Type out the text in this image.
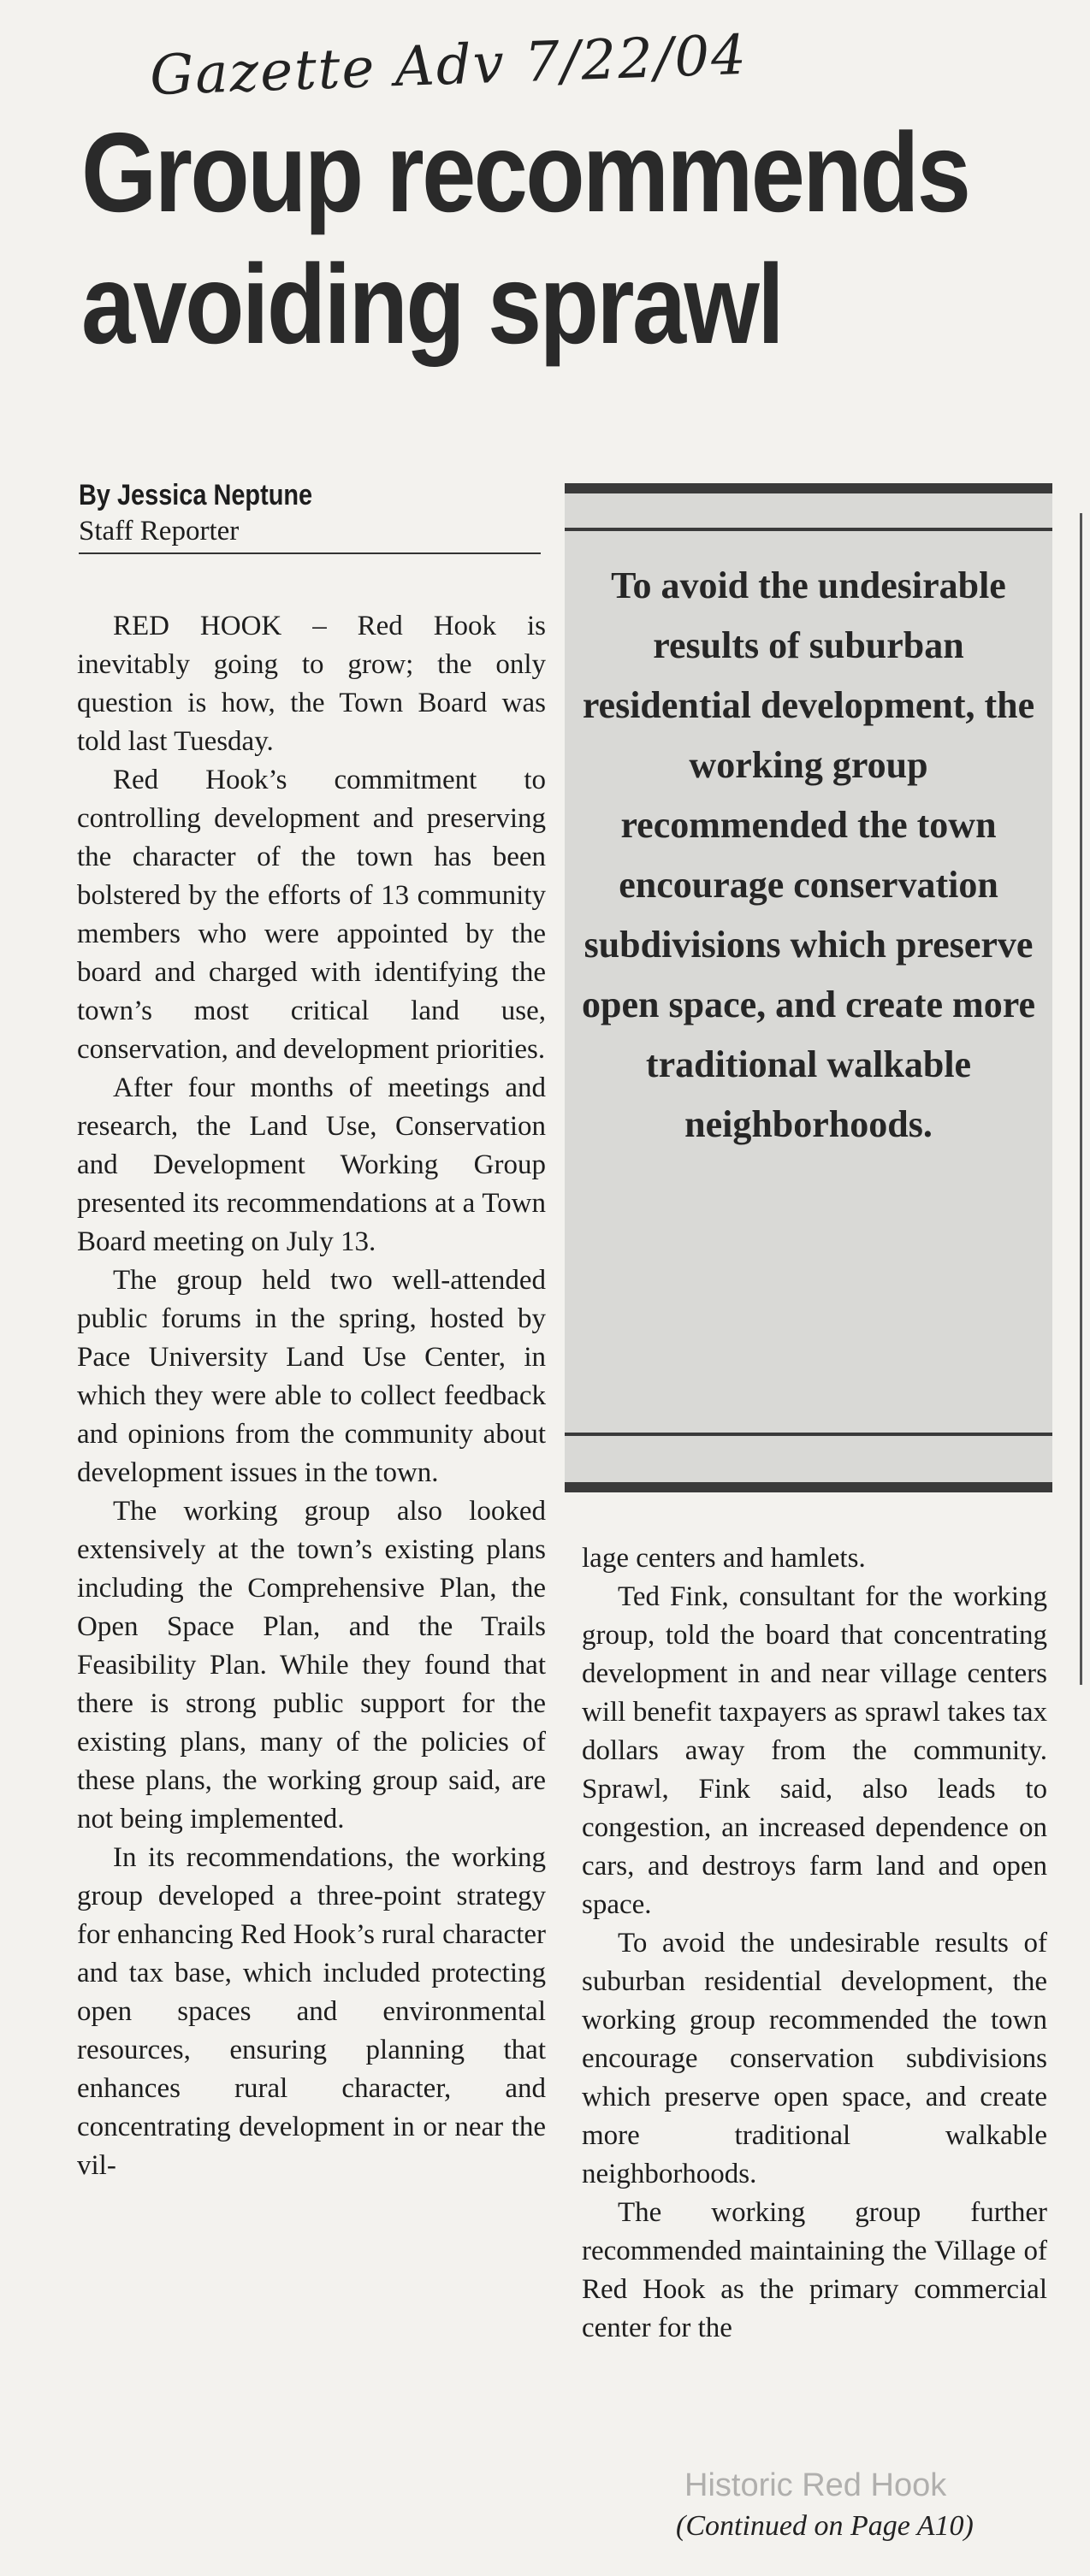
Gazette Adv 7/22/04
Group recommends
avoiding sprawl
By Jessica Neptune
Staff Reporter

RED HOOK – Red Hook is inevitably going to grow; the only question is how, the Town Board was told last Tuesday.

Red Hook’s commitment to controlling development and preserving the character of the town has been bolstered by the efforts of 13 community members who were appointed by the board and charged with identifying the town’s most critical land use, conservation, and development priorities.

After four months of meetings and research, the Land Use, Conservation and Development Working Group presented its recommendations at a Town Board meeting on July 13.

The group held two well-attended public forums in the spring, hosted by Pace University Land Use Center, in which they were able to collect feedback and opinions from the community about development issues in the town.

The working group also looked extensively at the town’s existing plans including the Comprehensive Plan, the Open Space Plan, and the Trails Feasibility Plan. While they found that there is strong public support for the existing plans, many of the policies of these plans, the working group said, are not being implemented.

In its recommendations, the working group developed a three-point strategy for enhancing Red Hook’s rural character and tax base, which included protecting open spaces and environmental resources, ensuring planning that enhances rural character, and concentrating development in or near the vil-

To avoid the undesirable results of suburban residential development, the working group recommended the town encourage conservation subdivisions which preserve open space, and create more traditional walkable neighborhoods.

lage centers and hamlets.

Ted Fink, consultant for the working group, told the board that concentrating development in and near village centers will benefit taxpayers as sprawl takes tax dollars away from the community. Sprawl, Fink said, also leads to congestion, an increased dependence on cars, and destroys farm land and open space.

To avoid the undesirable results of suburban residential development, the working group recommended the town encourage conservation subdivisions which preserve open space, and create more traditional walkable neighborhoods.

The working group further recommended maintaining the Village of Red Hook as the primary commercial center for the

Historic Red Hook
(Continued on Page A10)
